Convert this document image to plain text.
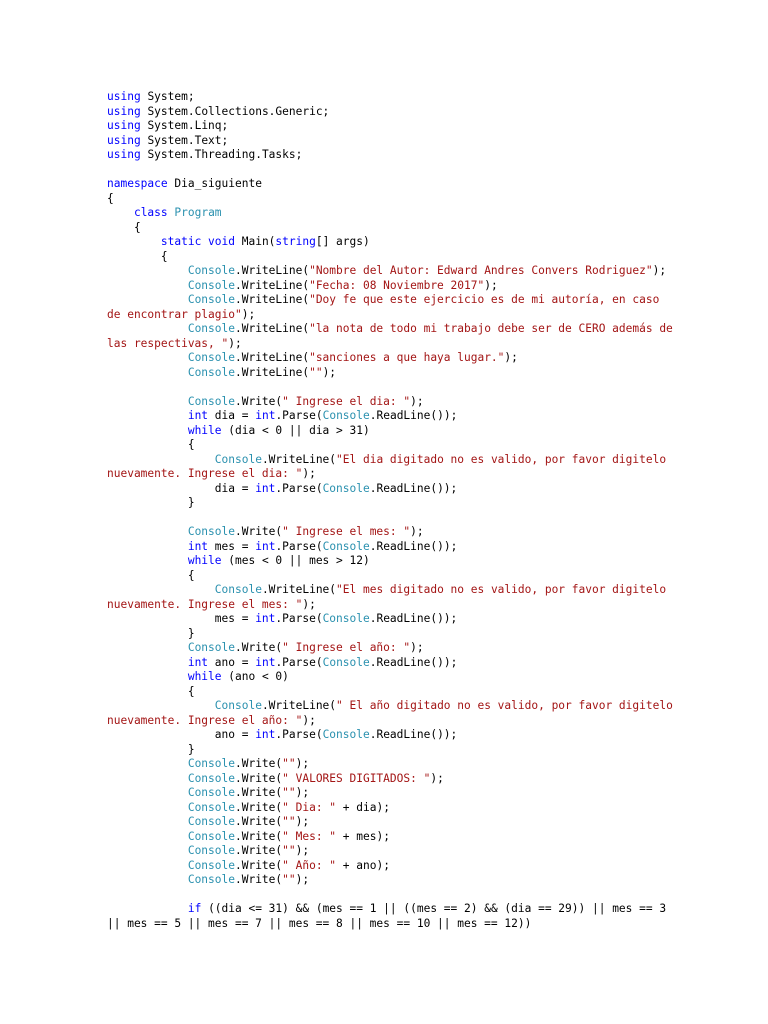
using System;
using System.Collections.Generic;
using System.Linq;
using System.Text;
using System.Threading.Tasks;

namespace Dia_siguiente
{
class Program
{
static void Main(string[] args)
{
Console.WriteLine("Nombre del Autor: Edward Andres Convers Rodriguez");
Console.WriteLine("Fecha: 08 Noviembre 2017");
Console.WriteLine("Doy fe que este ejercicio es de mi autoría, en caso
de encontrar plagio");
Console.WriteLine("la nota de todo mi trabajo debe ser de CERO además de
las respectivas, ");
Console.WriteLine("sanciones a que haya lugar.");
Console.WriteLine("");

Console.Write(" Ingrese el dia: ");
int dia = int.Parse(Console.ReadLine());
while (dia < 0 || dia > 31)
{
Console.WriteLine("El dia digitado no es valido, por favor digitelo
nuevamente. Ingrese el dia: ");
dia = int.Parse(Console.ReadLine());
}

Console.Write(" Ingrese el mes: ");
int mes = int.Parse(Console.ReadLine());
while (mes < 0 || mes > 12)
{
Console.WriteLine("El mes digitado no es valido, por favor digitelo
nuevamente. Ingrese el mes: ");
mes = int.Parse(Console.ReadLine());
}
Console.Write(" Ingrese el año: ");
int ano = int.Parse(Console.ReadLine());
while (ano < 0)
{
Console.WriteLine(" El año digitado no es valido, por favor digitelo
nuevamente. Ingrese el año: ");
ano = int.Parse(Console.ReadLine());
}
Console.Write("");
Console.Write(" VALORES DIGITADOS: ");
Console.Write("");
Console.Write(" Dia: " + dia);
Console.Write("");
Console.Write(" Mes: " + mes);
Console.Write("");
Console.Write(" Año: " + ano);
Console.Write("");

if ((dia <= 31) && (mes == 1 || ((mes == 2) && (dia == 29)) || mes == 3
|| mes == 5 || mes == 7 || mes == 8 || mes == 10 || mes == 12))
